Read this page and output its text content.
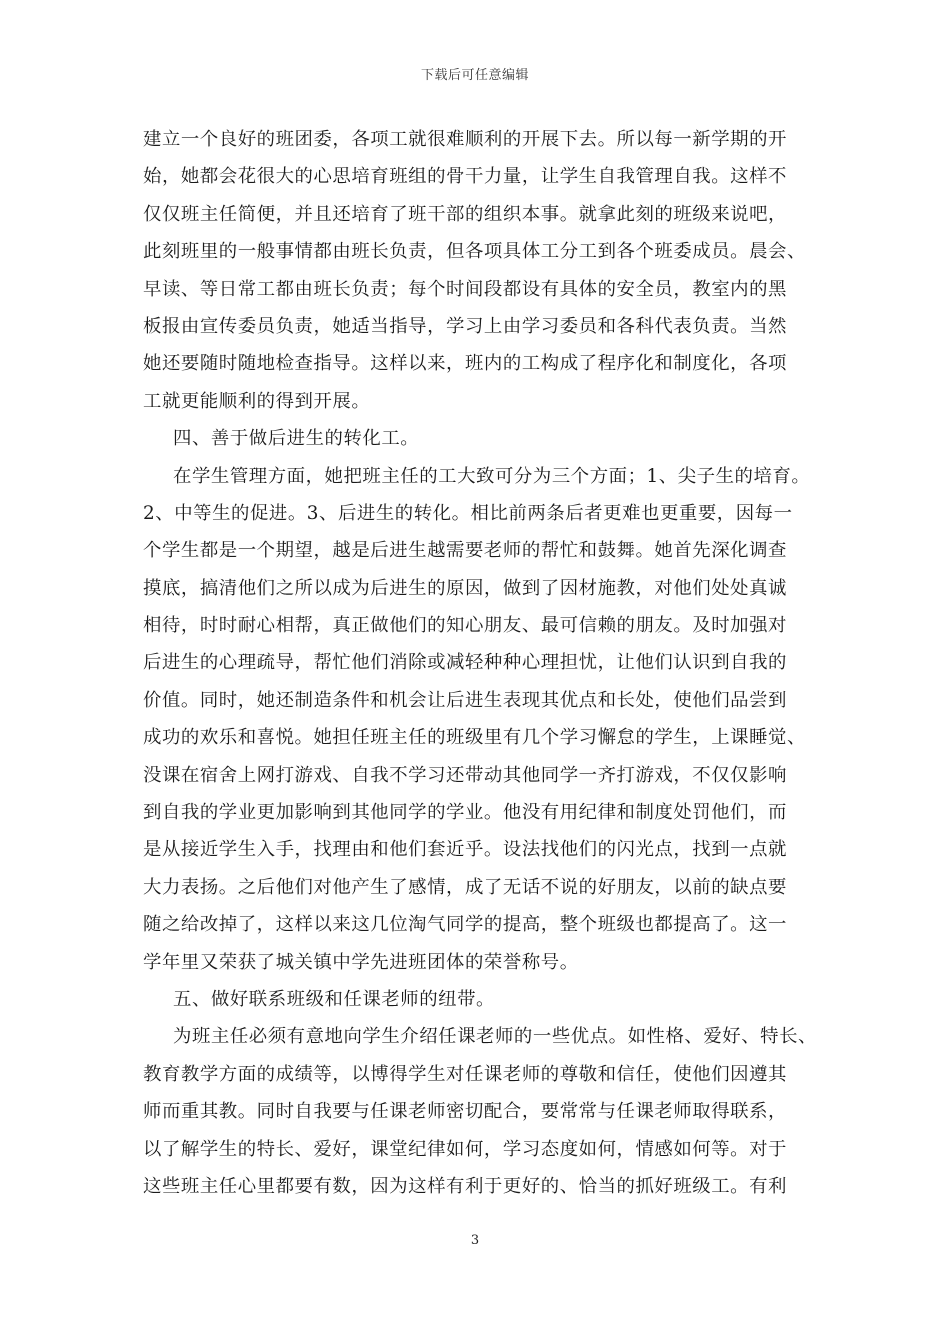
下载后可任意编辑
建立一个良好的班团委，各项工就很难顺利的开展下去。所以每一新学期的开
始，她都会花很大的心思培育班组的骨干力量，让学生自我管理自我。这样不
仅仅班主任简便，并且还培育了班干部的组织本事。就拿此刻的班级来说吧，
此刻班里的一般事情都由班长负责，但各项具体工分工到各个班委成员。晨会、
早读、等日常工都由班长负责；每个时间段都设有具体的安全员，教室内的黑
板报由宣传委员负责，她适当指导，学习上由学习委员和各科代表负责。当然
她还要随时随地检查指导。这样以来，班内的工构成了程序化和制度化，各项
工就更能顺利的得到开展。
四、善于做后进生的转化工。
在学生管理方面，她把班主任的工大致可分为三个方面；1、尖子生的培育。
2、中等生的促进。3、后进生的转化。相比前两条后者更难也更重要，因每一
个学生都是一个期望，越是后进生越需要老师的帮忙和鼓舞。她首先深化调查
摸底，搞清他们之所以成为后进生的原因，做到了因材施教，对他们处处真诚
相待，时时耐心相帮，真正做他们的知心朋友、最可信赖的朋友。及时加强对
后进生的心理疏导，帮忙他们消除或减轻种种心理担忧，让他们认识到自我的
价值。同时，她还制造条件和机会让后进生表现其优点和长处，使他们品尝到
成功的欢乐和喜悦。她担任班主任的班级里有几个学习懈怠的学生，上课睡觉、
没课在宿舍上网打游戏、自我不学习还带动其他同学一齐打游戏，不仅仅影响
到自我的学业更加影响到其他同学的学业。他没有用纪律和制度处罚他们，而
是从接近学生入手，找理由和他们套近乎。设法找他们的闪光点，找到一点就
大力表扬。之后他们对他产生了感情，成了无话不说的好朋友，以前的缺点要
随之给改掉了，这样以来这几位淘气同学的提高，整个班级也都提高了。这一
学年里又荣获了城关镇中学先进班团体的荣誉称号。
五、做好联系班级和任课老师的纽带。
为班主任必须有意地向学生介绍任课老师的一些优点。如性格、爱好、特长、
教育教学方面的成绩等，以博得学生对任课老师的尊敬和信任，使他们因遵其
师而重其教。同时自我要与任课老师密切配合，要常常与任课老师取得联系，
以了解学生的特长、爱好，课堂纪律如何，学习态度如何，情感如何等。对于
这些班主任心里都要有数，因为这样有利于更好的、恰当的抓好班级工。有利
3
